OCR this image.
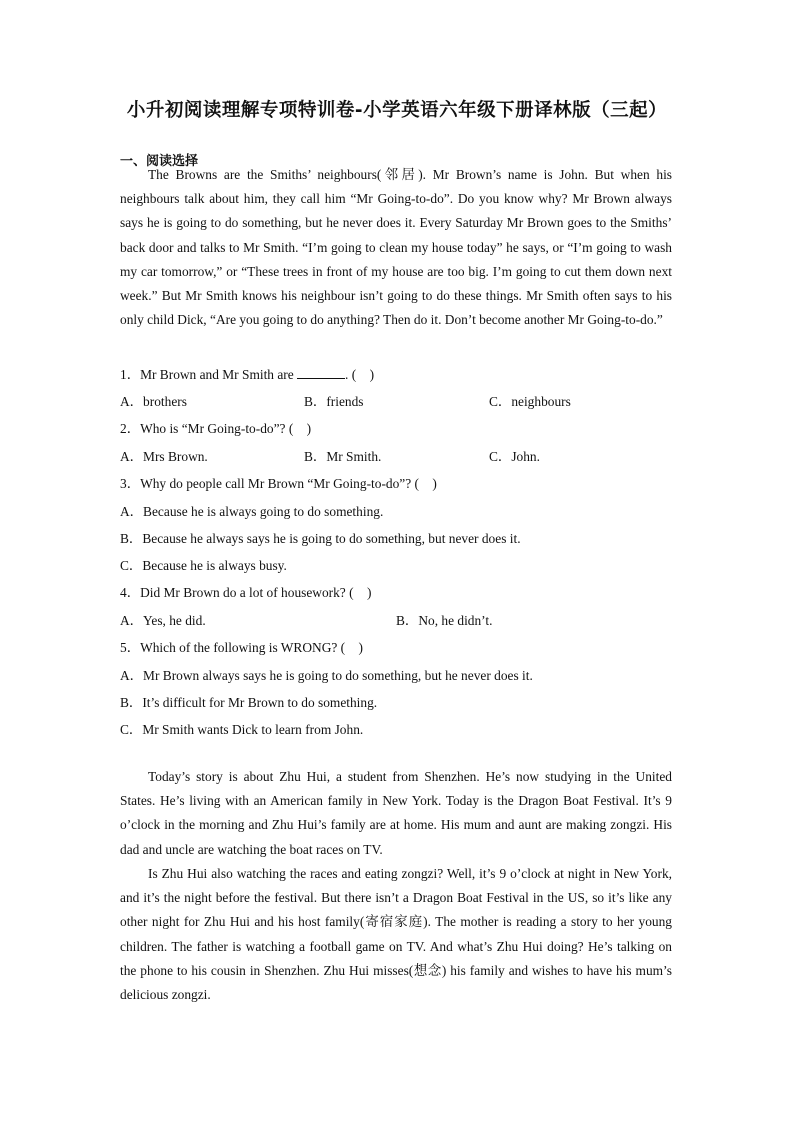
小升初阅读理解专项特训卷-小学英语六年级下册译林版（三起）
一、阅读选择

The Browns are the Smiths’ neighbours(邻居). Mr Brown’s name is John. But when his neighbours talk about him, they call him “Mr Going-to-do”. Do you know why? Mr Brown always says he is going to do something, but he never does it. Every Saturday Mr Brown goes to the Smiths’ back door and talks to Mr Smith. “I’m going to clean my house today” he says, or “I’m going to wash my car tomorrow,” or “These trees in front of my house are too big. I’m going to cut them down next week.” But Mr Smith knows his neighbour isn’t going to do these things. Mr Smith often says to his only child Dick, “Are you going to do anything? Then do it. Don’t become another Mr Going-to-do.”

1．Mr Brown and Mr Smith are	. (　)
A．brothers	B．friends	C．neighbours
2．Who is “Mr Going-to-do”? (　)
A．Mrs Brown.	B．Mr Smith.	C．John.
3．Why do people call Mr Brown “Mr Going-to-do”? (　)
A．Because he is always going to do something.
B．Because he always says he is going to do something, but never does it.
C．Because he is always busy.
4．Did Mr Brown do a lot of housework? (　)
A．Yes, he did.	B．No, he didn’t.
5．Which of the following is WRONG? (　)
A．Mr Brown always says he is going to do something, but he never does it.
B．It’s difficult for Mr Brown to do something.
C．Mr Smith wants Dick to learn from John.

Today’s story is about Zhu Hui, a student from Shenzhen. He’s now studying in the United States. He’s living with an American family in New York. Today is the Dragon Boat Festival. It’s 9 o’clock in the morning and Zhu Hui’s family are at home. His mum and aunt are making zongzi. His dad and uncle are watching the boat races on TV.

Is Zhu Hui also watching the races and eating zongzi? Well, it’s 9 o’clock at night in New York, and it’s the night before the festival. But there isn’t a Dragon Boat Festival in the US, so it’s like any other night for Zhu Hui and his host family(寄宿家庭). The mother is reading a story to her young children. The father is watching a football game on TV. And what’s Zhu Hui doing? He’s talking on the phone to his cousin in Shenzhen. Zhu Hui misses(想念) his family and wishes to have his mum’s delicious zongzi.
